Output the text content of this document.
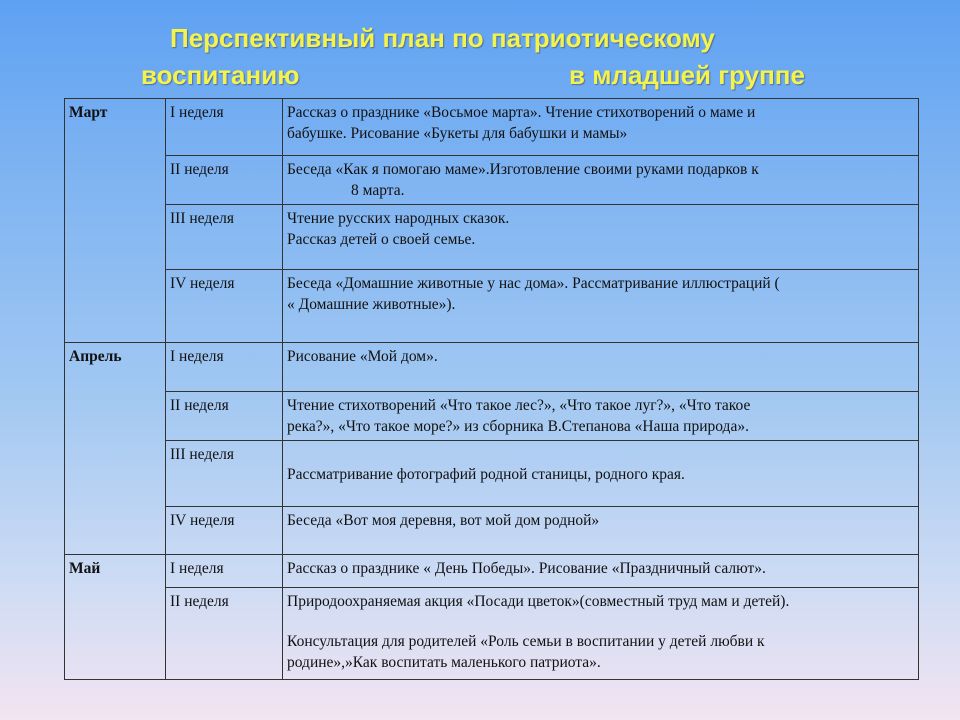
Перспективный план по патриотическому
воспитанию	в младшей группе
Март	I неделя	Рассказ о празднике «Восьмое марта». Чтение стихотворений о маме и
бабушке. Рисование «Букеты для бабушки и мамы»

	II неделя	Беседа «Как я помогаю маме».Изготовление своими руками подарков к
8 марта.

	III неделя	Чтение русских народных сказок.
Рассказ детей о своей семье.

	IV неделя	Беседа «Домашние животные у нас дома». Рассматривание иллюстраций (
« Домашние животные»).

Апрель	I неделя	Рисование «Мой дом».

	II неделя	Чтение стихотворений «Что такое лес?», «Что такое луг?», «Что такое
река?», «Что такое море?» из сборника В.Степанова «Наша природа».

	III неделя	Рассматривание фотографий родной станицы, родного края.

	IV неделя	Беседа «Вот моя деревня, вот мой дом родной»

Май	I неделя	Рассказ о празднике « День Победы». Рисование «Праздничный салют».

	II неделя	Природоохраняемая акция «Посади цветок»(совместный труд мам и детей).
Консультация для родителей «Роль семьи в воспитании у детей любви к
родине»,»Как воспитать маленького патриота».
